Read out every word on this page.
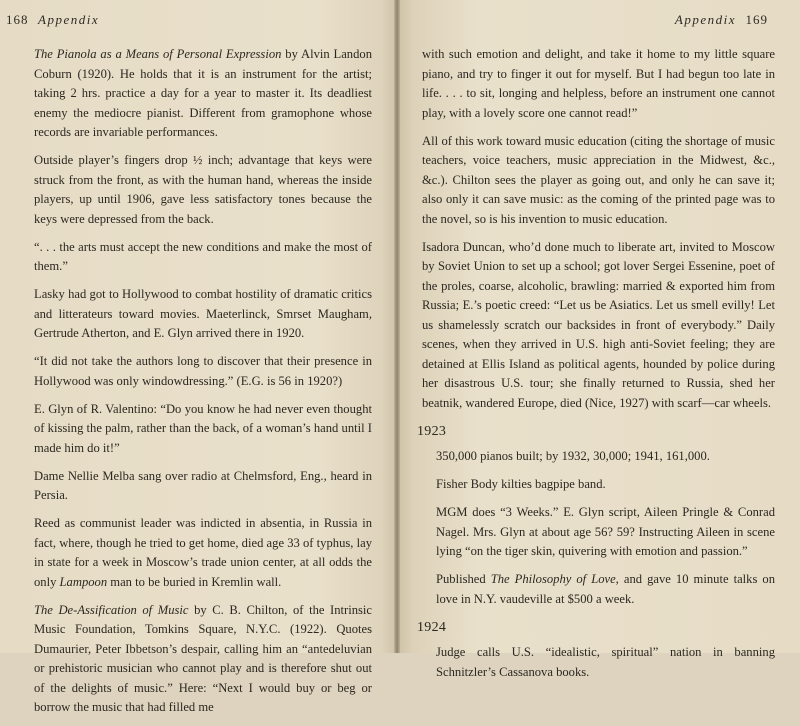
168 Appendix

The Pianola as a Means of Personal Expression by Alvin Landon Coburn (1920). He holds that it is an instrument for the artist; taking 2 hrs. practice a day for a year to master it. Its deadliest enemy the mediocre pianist. Different from gramophone whose records are invariable performances.

Outside player’s fingers drop ½ inch; advantage that keys were struck from the front, as with the human hand, whereas the inside players, up until 1906, gave less satisfactory tones because the keys were depressed from the back.

“. . . the arts must accept the new conditions and make the most of them.”

Lasky had got to Hollywood to combat hostility of dramatic critics and litterateurs toward movies. Maeterlinck, Smrset Maugham, Gertrude Atherton, and E. Glyn arrived there in 1920.

“It did not take the authors long to discover that their presence in Hollywood was only windowdressing.” (E.G. is 56 in 1920?)

E. Glyn of R. Valentino: “Do you know he had never even thought of kissing the palm, rather than the back, of a woman’s hand until I made him do it!”

Dame Nellie Melba sang over radio at Chelmsford, Eng., heard in Persia.

Reed as communist leader was indicted in absentia, in Russia in fact, where, though he tried to get home, died age 33 of typhus, lay in state for a week in Moscow’s trade union center, at all odds the only Lampoon man to be buried in Kremlin wall.

The De-Assification of Music by C. B. Chilton, of the Intrinsic Music Foundation, Tomkins Square, N.Y.C. (1922). Quotes Dumaurier, Peter Ibbetson’s despair, calling him an “antedeluvian or prehistoric musician who cannot play and is therefore shut out of the delights of music.” Here: “Next I would buy or beg or borrow the music that had filled me

Appendix 169

with such emotion and delight, and take it home to my little square piano, and try to finger it out for myself. But I had begun too late in life. . . . to sit, longing and helpless, before an instrument one cannot play, with a lovely score one cannot read!”

All of this work toward music education (citing the shortage of music teachers, voice teachers, music appreciation in the Midwest, &c., &c.). Chilton sees the player as going out, and only he can save it; also only it can save music: as the coming of the printed page was to the novel, so is his invention to music education.

Isadora Duncan, who’d done much to liberate art, invited to Moscow by Soviet Union to set up a school; got lover Sergei Essenine, poet of the proles, coarse, alcoholic, brawling: married & exported him from Russia; E.’s poetic creed: “Let us be Asiatics. Let us smell evilly! Let us shamelessly scratch our backsides in front of everybody.” Daily scenes, when they arrived in U.S. high anti-Soviet feeling; they are detained at Ellis Island as political agents, hounded by police during her disastrous U.S. tour; she finally returned to Russia, shed her beatnik, wandered Europe, died (Nice, 1927) with scarf—car wheels.

1923

350,000 pianos built; by 1932, 30,000; 1941, 161,000.

Fisher Body kilties bagpipe band.

MGM does “3 Weeks.” E. Glyn script, Aileen Pringle & Conrad Nagel. Mrs. Glyn at about age 56? 59? Instructing Aileen in scene lying “on the tiger skin, quivering with emotion and passion.”

Published The Philosophy of Love, and gave 10 minute talks on love in N.Y. vaudeville at $500 a week.

1924

Judge calls U.S. “idealistic, spiritual” nation in banning Schnitzler’s Cassanova books.
